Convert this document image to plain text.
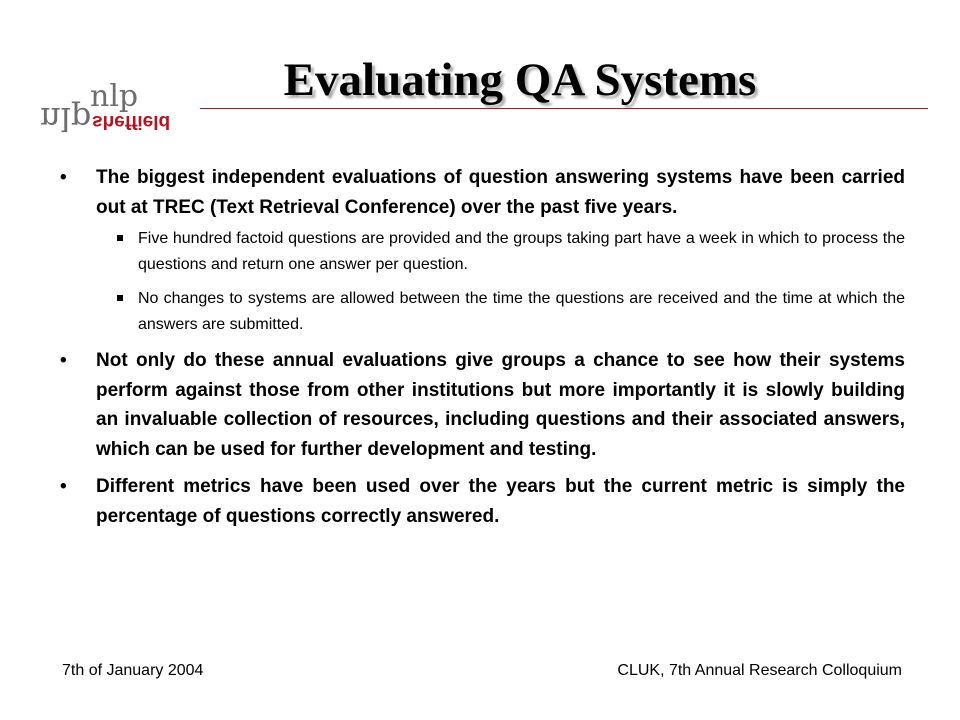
nlp
nlp sheffield
Evaluating QA Systems
• The biggest independent evaluations of question answering systems have been carried out at TREC (Text Retrieval Conference) over the past five years.
Five hundred factoid questions are provided and the groups taking part have a week in which to process the questions and return one answer per question.
No changes to systems are allowed between the time the questions are received and the time at which the answers are submitted.
• Not only do these annual evaluations give groups a chance to see how their systems perform against those from other institutions but more importantly it is slowly building an invaluable collection of resources, including questions and their associated answers, which can be used for further development and testing.
• Different metrics have been used over the years but the current metric is simply the percentage of questions correctly answered.
7th of January 2004	CLUK, 7th Annual Research Colloquium
